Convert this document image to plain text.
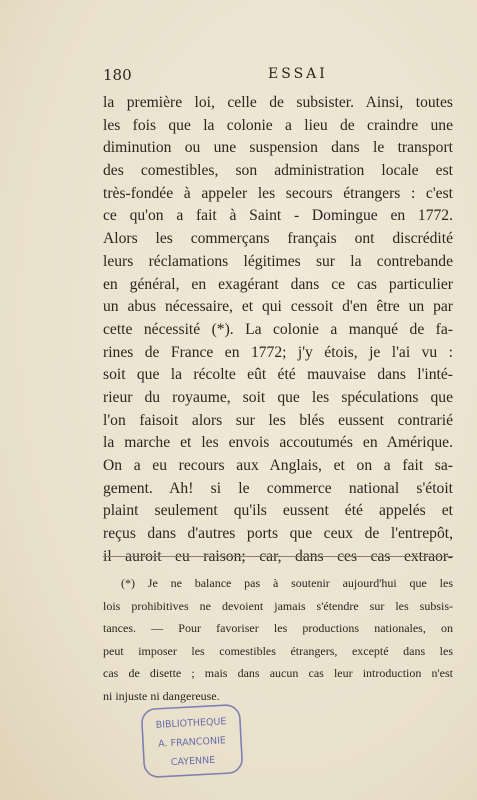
180	ESSAI
la première loi, celle de subsister. Ainsi, toutes
les fois que la colonie a lieu de craindre une
diminution ou une suspension dans le transport
des comestibles, son administration locale est
très-fondée à appeler les secours étrangers : c'est
ce qu'on a fait à Saint - Domingue en 1772.
Alors les commerçans français ont discrédité
leurs réclamations légitimes sur la contrebande
en général, en exagérant dans ce cas particulier
un abus nécessaire, et qui cessoit d'en être un par
cette nécessité (*). La colonie a manqué de fa-
rines de France en 1772; j'y étois, je l'ai vu :
soit que la récolte eût été mauvaise dans l'inté-
rieur du royaume, soit que les spéculations que
l'on faisoit alors sur les blés eussent contrarié
la marche et les envois accoutumés en Amérique.
On a eu recours aux Anglais, et on a fait sa-
gement. Ah! si le commerce national s'étoit
plaint seulement qu'ils eussent été appelés et
reçus dans d'autres ports que ceux de l'entrepôt,
il auroit eu raison; car, dans ces cas extraor-
(*) Je ne balance pas à soutenir aujourd'hui que les
lois prohibitives ne devoient jamais s'étendre sur les subsis-
tances. — Pour favoriser les productions nationales, on
peut imposer les comestibles étrangers, excepté dans les
cas de disette ; mais dans aucun cas leur introduction n'est
ni injuste ni dangereuse.
BIBLIOTHEQUE
A. FRANCONIE
CAYENNE
